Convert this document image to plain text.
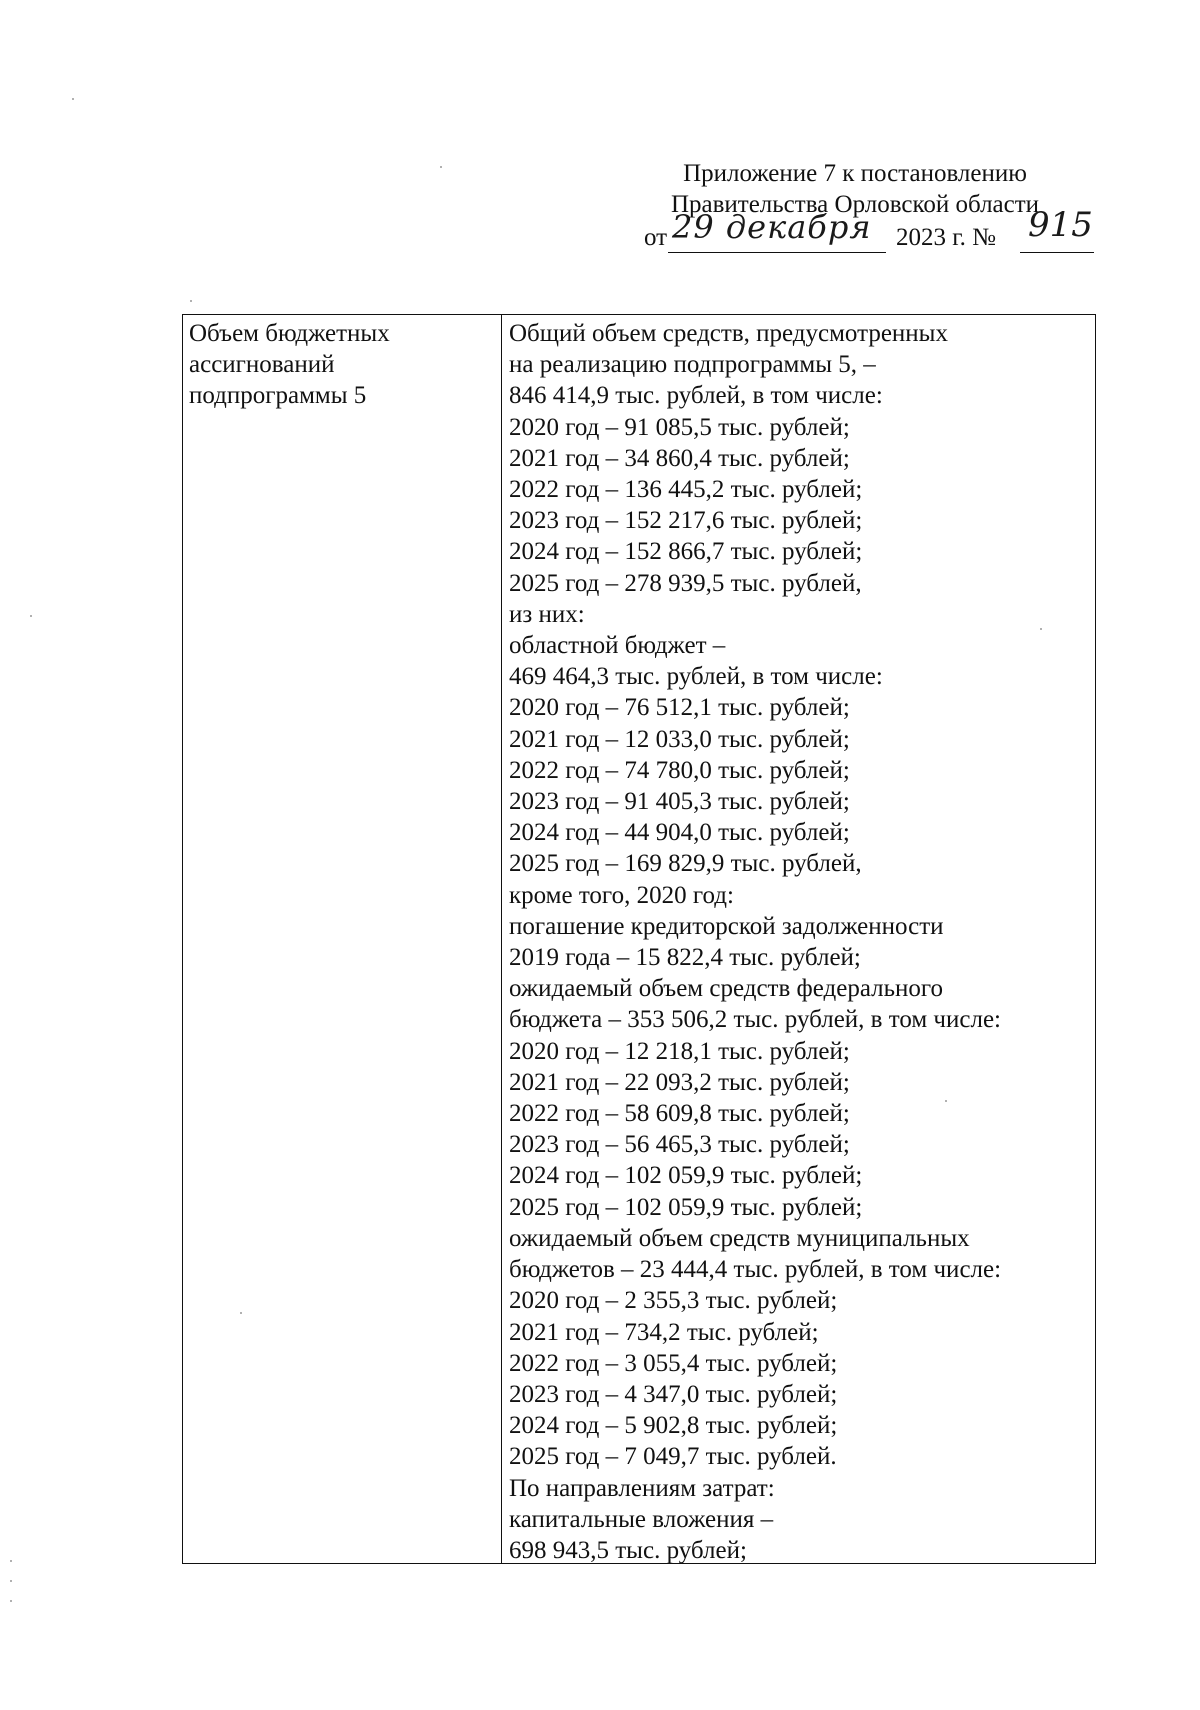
Приложение 7 к постановлению
Правительства Орловской области
от 29 декабря 2023 г. № 915
Объем бюджетных
ассигнований
подпрограммы 5
Общий объем средств, предусмотренных
на реализацию подпрограммы 5, –
846 414,9 тыс. рублей, в том числе:
2020 год – 91 085,5 тыс. рублей;
2021 год – 34 860,4 тыс. рублей;
2022 год – 136 445,2 тыс. рублей;
2023 год – 152 217,6 тыс. рублей;
2024 год – 152 866,7 тыс. рублей;
2025 год – 278 939,5 тыс. рублей,
из них:
областной бюджет –
469 464,3 тыс. рублей, в том числе:
2020 год – 76 512,1 тыс. рублей;
2021 год – 12 033,0 тыс. рублей;
2022 год – 74 780,0 тыс. рублей;
2023 год – 91 405,3 тыс. рублей;
2024 год – 44 904,0 тыс. рублей;
2025 год – 169 829,9 тыс. рублей,
кроме того, 2020 год:
погашение кредиторской задолженности
2019 года – 15 822,4 тыс. рублей;
ожидаемый объем средств федерального
бюджета – 353 506,2 тыс. рублей, в том числе:
2020 год – 12 218,1 тыс. рублей;
2021 год – 22 093,2 тыс. рублей;
2022 год – 58 609,8 тыс. рублей;
2023 год – 56 465,3 тыс. рублей;
2024 год – 102 059,9 тыс. рублей;
2025 год – 102 059,9 тыс. рублей;
ожидаемый объем средств муниципальных
бюджетов – 23 444,4 тыс. рублей, в том числе:
2020 год – 2 355,3 тыс. рублей;
2021 год – 734,2 тыс. рублей;
2022 год – 3 055,4 тыс. рублей;
2023 год – 4 347,0 тыс. рублей;
2024 год – 5 902,8 тыс. рублей;
2025 год – 7 049,7 тыс. рублей.
По направлениям затрат:
капитальные вложения –
698 943,5 тыс. рублей;
